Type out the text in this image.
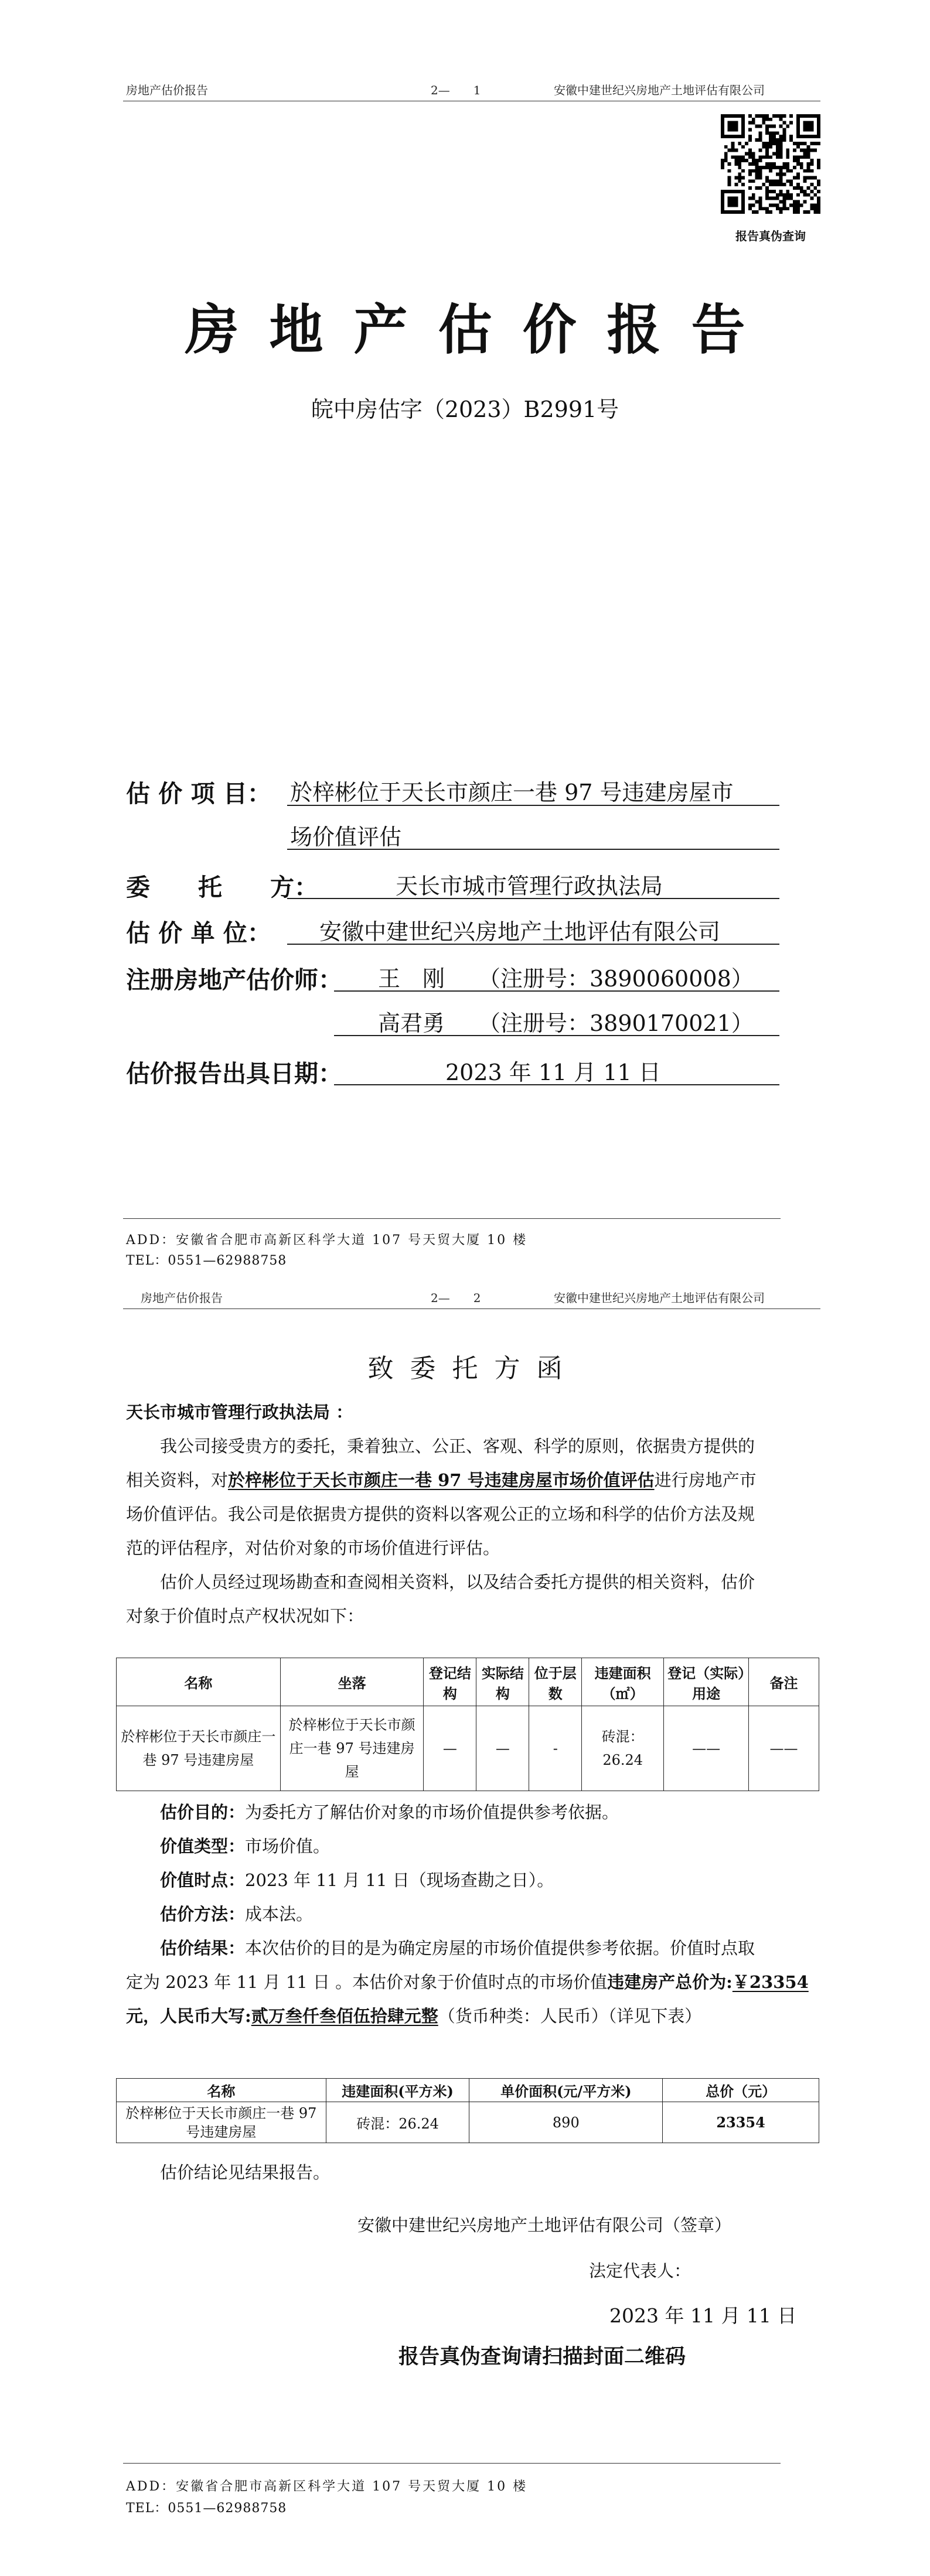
房地产估价报告	2—　　1	安徽中建世纪兴房地产土地评估有限公司
报告真伪查询
房地产估价报告
皖中房估字（2023）B2991号
估 价 项 目： 於梓彬位于天长市颜庄一巷 97 号违建房屋市
场价值评估
委　　托　　方：	天长市城市管理行政执法局
估 价 单 位： 安徽中建世纪兴房地产土地评估有限公司
注册房地产估价师： 王　刚　　（注册号：3890060008）
高君勇　　（注册号：3890170021）
估价报告出具日期：	2023 年 11 月 11 日
ADD：安徽省合肥市高新区科学大道 107 号天贸大厦 10 楼
TEL：0551—62988758
房地产估价报告	2—　　2	安徽中建世纪兴房地产土地评估有限公司
致委托方函
天长市城市管理行政执法局 ：
我公司接受贵方的委托，秉着独立、公正、客观、科学的原则，依据贵方提供的
相关资料，对於梓彬位于天长市颜庄一巷 97 号违建房屋市场价值评估进行房地产市
场价值评估。我公司是依据贵方提供的资料以客观公正的立场和科学的估价方法及规
范的评估程序，对估价对象的市场价值进行评估。
估价人员经过现场勘查和查阅相关资料，以及结合委托方提供的相关资料，估价
对象于价值时点产权状况如下：
名称	坐落	登记结构	实际结构	位于层数	违建面积（㎡）	登记（实际）用途	备注
於梓彬位于天长市颜庄一巷 97 号违建房屋	於梓彬位于天长市颜庄一巷 97 号违建房屋	—	—	-	砖混：26.24	——	——
估价目的：为委托方了解估价对象的市场价值提供参考依据。
价值类型：市场价值。
价值时点：2023 年 11 月 11 日（现场查勘之日）。
估价方法：成本法。
估价结果：本次估价的目的是为确定房屋的市场价值提供参考依据。价值时点取
定为 2023 年 11 月 11 日 。本估价对象于价值时点的市场价值违建房产总价为:￥23354
元，人民币大写:贰万叁仟叁佰伍拾肆元整（货币种类：人民币）（详见下表）
名称	违建面积(平方米)	单价面积(元/平方米)	总价（元）
於梓彬位于天长市颜庄一巷 97 号违建房屋	砖混：26.24	890	23354
估价结论见结果报告。
安徽中建世纪兴房地产土地评估有限公司（签章）
法定代表人：
2023 年 11 月 11 日
报告真伪查询请扫描封面二维码
ADD：安徽省合肥市高新区科学大道 107 号天贸大厦 10 楼
TEL：0551—62988758
